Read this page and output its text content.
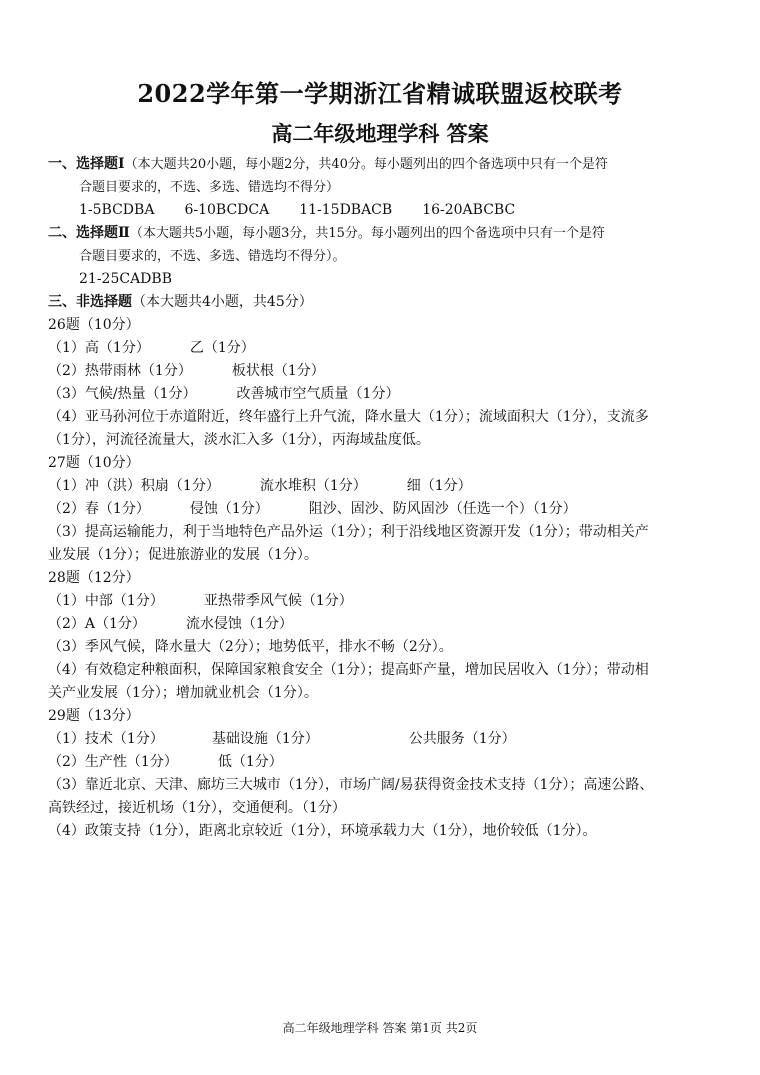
2022学年第一学期浙江省精诚联盟返校联考
高二年级地理学科 答案
一、选择题Ⅰ（本大题共20小题，每小题2分，共40分。每小题列出的四个备选项中只有一个是符
合题目要求的，不选、多选、错选均不得分）
1-5BCDBA 6-10BCDCA 11-15DBACB 16-20ABCBC
二、选择题Ⅱ（本大题共5小题，每小题3分，共15分。每小题列出的四个备选项中只有一个是符
合题目要求的，不选、多选、错选均不得分）。
21-25CADBB
三、非选择题（本大题共4小题，共45分）
26题（10分）
（1）高（1分）	乙（1分）
（2）热带雨林（1分）	板状根（1分）
（3）气候/热量（1分）	改善城市空气质量（1分）
（4）亚马孙河位于赤道附近，终年盛行上升气流，降水量大（1分）；流域面积大（1分），支流多
（1分），河流径流量大，淡水汇入多（1分），丙海域盐度低。
27题（10分）
（1）冲（洪）积扇（1分）	流水堆积（1分）	细（1分）
（2）春（1分）	侵蚀（1分）	阻沙、固沙、防风固沙（任选一个）（1分）
（3）提高运输能力，利于当地特色产品外运（1分）；利于沿线地区资源开发（1分）；带动相关产
业发展（1分）；促进旅游业的发展（1分）。
28题（12分）
（1）中部（1分）	亚热带季风气候（1分）
（2）A（1分）	流水侵蚀（1分）
（3）季风气候，降水量大（2分）；地势低平，排水不畅（2分）。
（4）有效稳定种粮面积，保障国家粮食安全（1分）；提高虾产量，增加民居收入（1分）；带动相
关产业发展（1分）；增加就业机会（1分）。
29题（13分）
（1）技术（1分）	基础设施（1分）	公共服务（1分）
（2）生产性（1分）	低（1分）
（3）靠近北京、天津、廊坊三大城市（1分），市场广阔/易获得资金技术支持（1分）；高速公路、
高铁经过，接近机场（1分），交通便利。（1分）
（4）政策支持（1分），距离北京较近（1分），环境承载力大（1分），地价较低（1分）。
高二年级地理学科 答案 第1页 共2页
